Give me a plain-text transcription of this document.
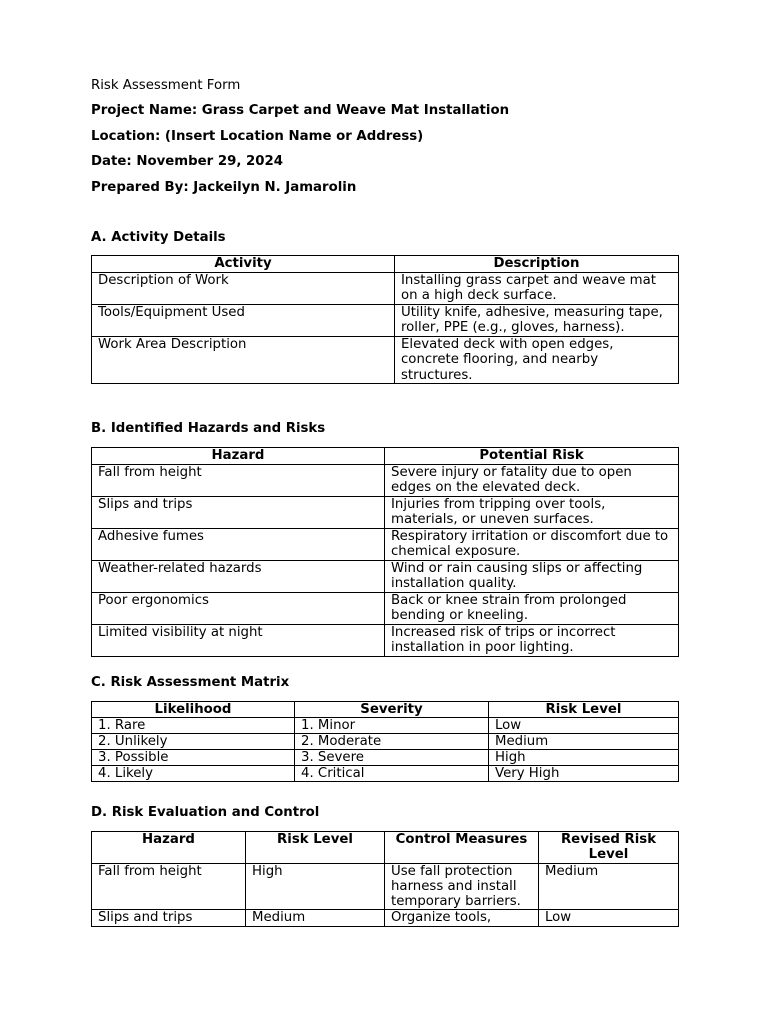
Risk Assessment Form
Project Name: Grass Carpet and Weave Mat Installation
Location: (Insert Location Name or Address)
Date: November 29, 2024
Prepared By: Jackeilyn N. Jamarolin
A. Activity Details
Activity	Description
Description of Work	Installing grass carpet and weave mat on a high deck surface.
Tools/Equipment Used	Utility knife, adhesive, measuring tape, roller, PPE (e.g., gloves, harness).
Work Area Description	Elevated deck with open edges, concrete flooring, and nearby structures.
B. Identified Hazards and Risks
Hazard	Potential Risk
Fall from height	Severe injury or fatality due to open edges on the elevated deck.
Slips and trips	Injuries from tripping over tools, materials, or uneven surfaces.
Adhesive fumes	Respiratory irritation or discomfort due to chemical exposure.
Weather-related hazards	Wind or rain causing slips or affecting installation quality.
Poor ergonomics	Back or knee strain from prolonged bending or kneeling.
Limited visibility at night	Increased risk of trips or incorrect installation in poor lighting.
C. Risk Assessment Matrix
Likelihood	Severity	Risk Level
1. Rare	1. Minor	Low
2. Unlikely	2. Moderate	Medium
3. Possible	3. Severe	High
4. Likely	4. Critical	Very High
D. Risk Evaluation and Control
Hazard	Risk Level	Control Measures	Revised Risk Level
Fall from height	High	Use fall protection harness and install temporary barriers.	Medium
Slips and trips	Medium	Organize tools,	Low
